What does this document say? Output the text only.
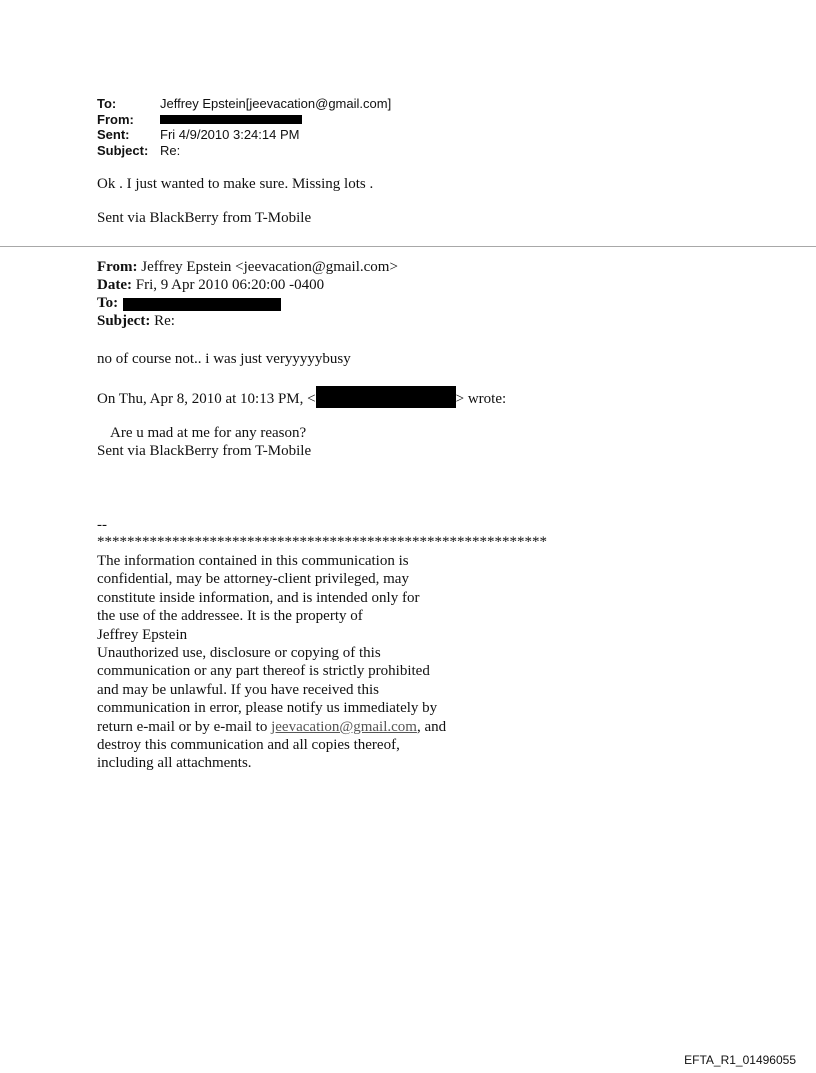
To:	Jeffrey Epstein[jeevacation@gmail.com]
From:
Sent:	Fri 4/9/2010 3:24:14 PM
Subject: Re:
Ok . I just wanted to make sure. Missing lots .
Sent via BlackBerry from T-Mobile
From: Jeffrey Epstein <jeevacation@gmail.com>
Date: Fri, 9 Apr 2010 06:20:00 -0400
To:
Subject: Re:
no of course not.. i was just veryyyyybusy
On Thu, Apr 8, 2010 at 10:13 PM, <	> wrote:
Are u mad at me for any reason?
Sent via BlackBerry from T-Mobile
--
************************************************************
The information contained in this communication is
confidential, may be attorney-client privileged, may
constitute inside information, and is intended only for
the use of the addressee. It is the property of
Jeffrey Epstein
Unauthorized use, disclosure or copying of this
communication or any part thereof is strictly prohibited
and may be unlawful. If you have received this
communication in error, please notify us immediately by
return e-mail or by e-mail to jeevacation@gmail.com, and
destroy this communication and all copies thereof,
including all attachments.
EFTA_R1_01496055
